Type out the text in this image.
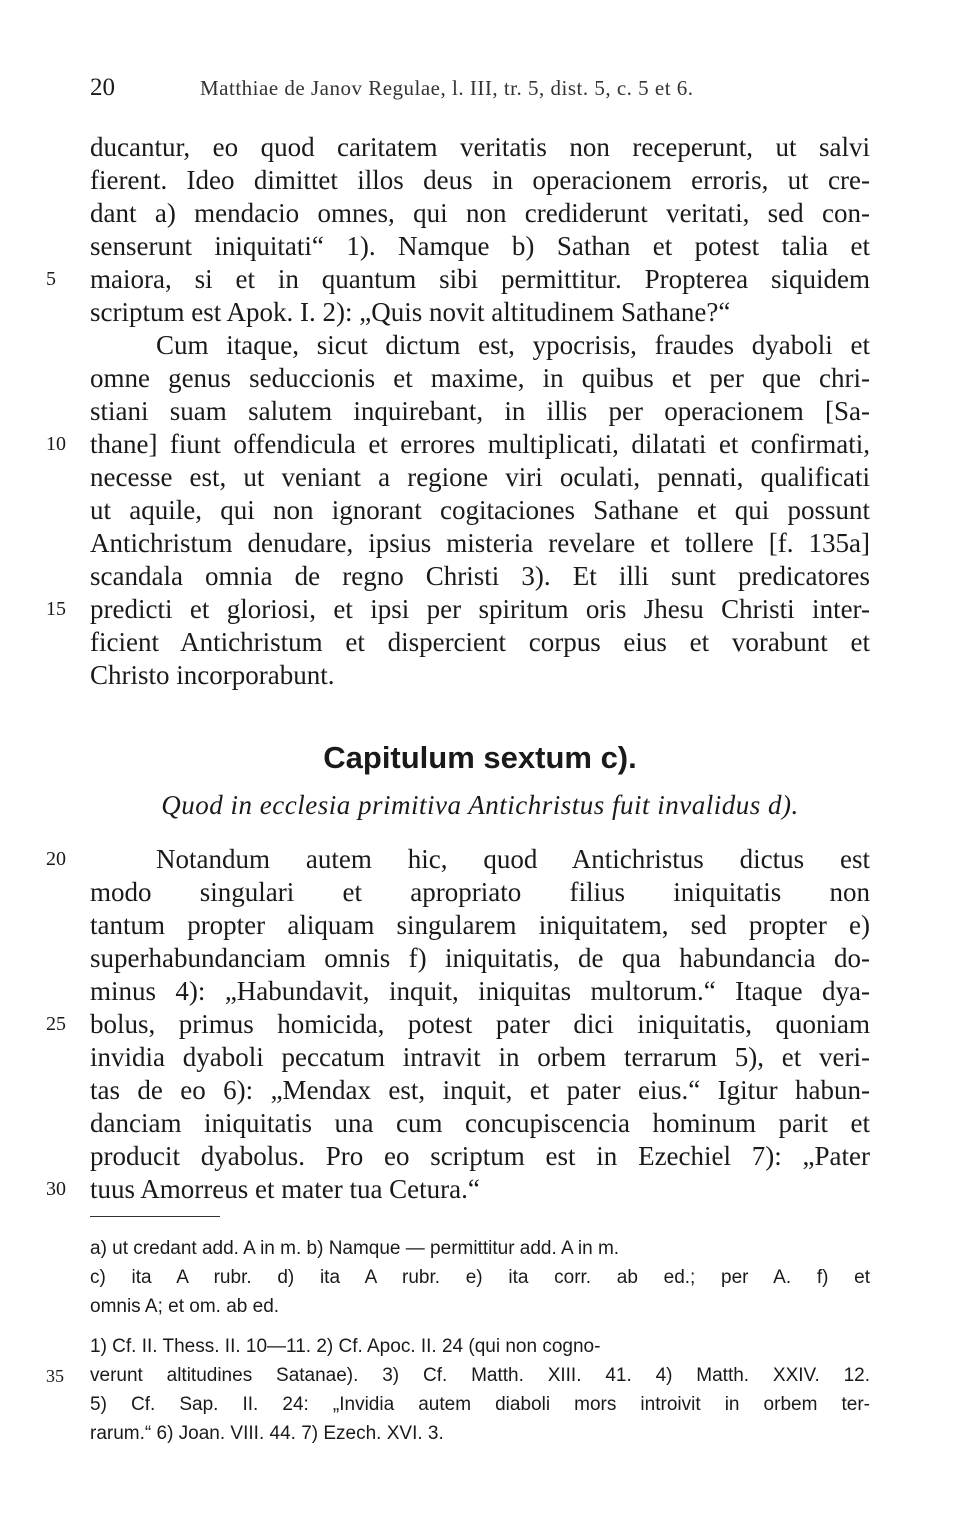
20	Matthiae de Janov Regulae, l. III, tr. 5, dist. 5, c. 5 et 6.
ducantur, eo quod caritatem veritatis non receperunt, ut salvi
fierent. Ideo dimittet illos deus in operacionem erroris, ut cre-
dant a) mendacio omnes, qui non crediderunt veritati, sed con-
senserunt iniquitati“ 1). Namque b) Sathan et potest talia et
maiora, si et in quantum sibi permittitur. Propterea siquidem
scriptum est Apok. I. 2): „Quis novit altitudinem Sathane?“
Cum itaque, sicut dictum est, ypocrisis, fraudes dyaboli et
omne genus seduccionis et maxime, in quibus et per que chri-
stiani suam salutem inquirebant, in illis per operacionem [Sa-
thane] fiunt offendicula et errores multiplicati, dilatati et confirmati,
necesse est, ut veniant a regione viri oculati, pennati, qualificati
ut aquile, qui non ignorant cogitaciones Sathane et qui possunt
Antichristum denudare, ipsius misteria revelare et tollere [f. 135a]
scandala omnia de regno Christi 3). Et illi sunt predicatores
predicti et gloriosi, et ipsi per spiritum oris Jhesu Christi inter-
ficient Antichristum et dispercient corpus eius et vorabunt et
Christo incorporabunt.
Capitulum sextum c).
Quod in ecclesia primitiva Antichristus fuit invalidus d).
Notandum autem hic, quod Antichristus dictus est
modo singulari et apropriato filius iniquitatis non
tantum propter aliquam singularem iniquitatem, sed propter e)
superhabundanciam omnis f) iniquitatis, de qua habundancia do-
minus 4): „Habundavit, inquit, iniquitas multorum.“ Itaque dya-
bolus, primus homicida, potest pater dici iniquitatis, quoniam
invidia dyaboli peccatum intravit in orbem terrarum 5), et veri-
tas de eo 6): „Mendax est, inquit, et pater eius.“ Igitur habun-
danciam iniquitatis una cum concupiscencia hominum parit et
producit dyabolus. Pro eo scriptum est in Ezechiel 7): „Pater
tuus Amorreus et mater tua Cetura.“
5
10
15
20
25
30
a) ut credant add. A in m. b) Namque — permittitur add. A in m.
c) ita A rubr. d) ita A rubr. e) ita corr. ab ed.; per A. f) et
omnis A; et om. ab ed.
1) Cf. II. Thess. II. 10—11. 2) Cf. Apoc. II. 24 (qui non cogno-
verunt altitudines Satanae). 3) Cf. Matth. XIII. 41. 4) Matth. XXIV. 12.
5) Cf. Sap. II. 24: „Invidia autem diaboli mors introivit in orbem ter-
rarum.“ 6) Joan. VIII. 44. 7) Ezech. XVI. 3.
35
